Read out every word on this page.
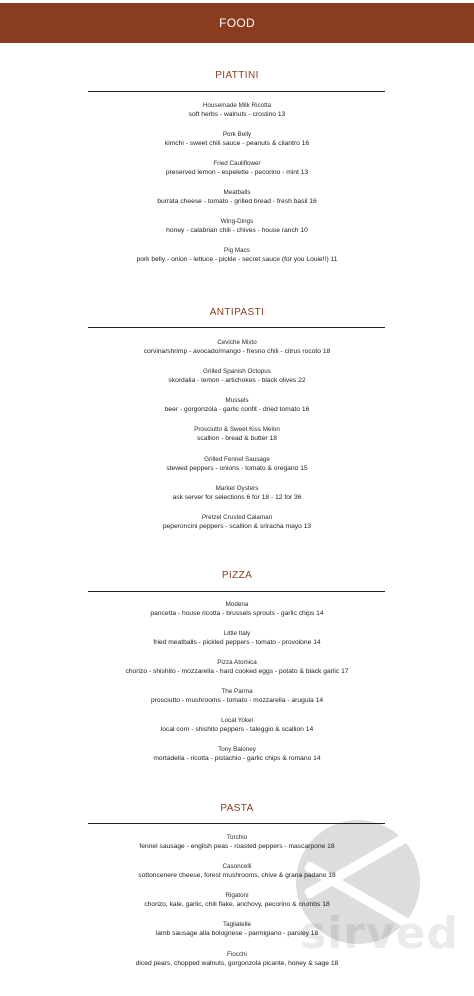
FOOD
sirved
PIATTINI
Housemade Milk Ricotta
soft herbs - walnuts - crostino 13
Pork Belly
kimchi - sweet chili sauce - peanuts & cilantro 16
Fried Cauliflower
preserved lemon - espelette - pecorino - mint 13
Meatballs
burrata cheese - tomato - grilled bread - fresh basil 16
Wing-Dings
honey - calabrian chili - chives - house ranch 10
Pig Macs
pork belly - onion - lettuce - pickle - secret sauce (for you Louie!!) 11
ANTIPASTI
Ceviche Mixto
corvina/shrimp - avocado/mango - fresno chili - citrus rocoto 18
Grilled Spanish Octopus
skordalia - lemon - artichokes - black olives 22
Mussels
beer - gorgonzola - garlic confit - dried tomato 16
Prosciutto & Sweet Kiss Melon
scallion - bread & butter 18
Grilled Fennel Sausage
stewed peppers - onions - tomato & oregano 15
Market Oysters
ask server for selections 6 for 18 - 12 for 36
Pretzel Crusted Calamari
peperoncini peppers - scallion & sriracha mayo 13
PIZZA
Modena
pancetta - house ricotta - brussels sprouts - garlic chips 14
Little Italy
fried meatballs - pickled peppers - tomato - provolone 14
Pizza Atomica
chorizo - shishito - mozzarella - hard cooked eggs - potato & black garlic 17
The Parma
prosciutto - mushrooms - tomato - mozzarella - arugula 14
Local Yokel
local corn - shishito peppers - taleggio & scallion 14
Tony Baloney
mortadella - ricotta - pistachio - garlic chips & romano 14
PASTA
Torchio
fennel sausage - english peas - roasted peppers - mascarpone 18
Casoncelli
sottoncenere cheese, forest mushrooms, chive & grana padano 18
Rigatoni
chorizo, kale, garlic, chili flake, anchovy, pecorino & crumbs 18
Tagliatelle
lamb sausage alla bolognese - parmigiano - parsley 18
Fiocchi
diced pears, chopped walnuts, gorgonzola picante, honey & sage 18
